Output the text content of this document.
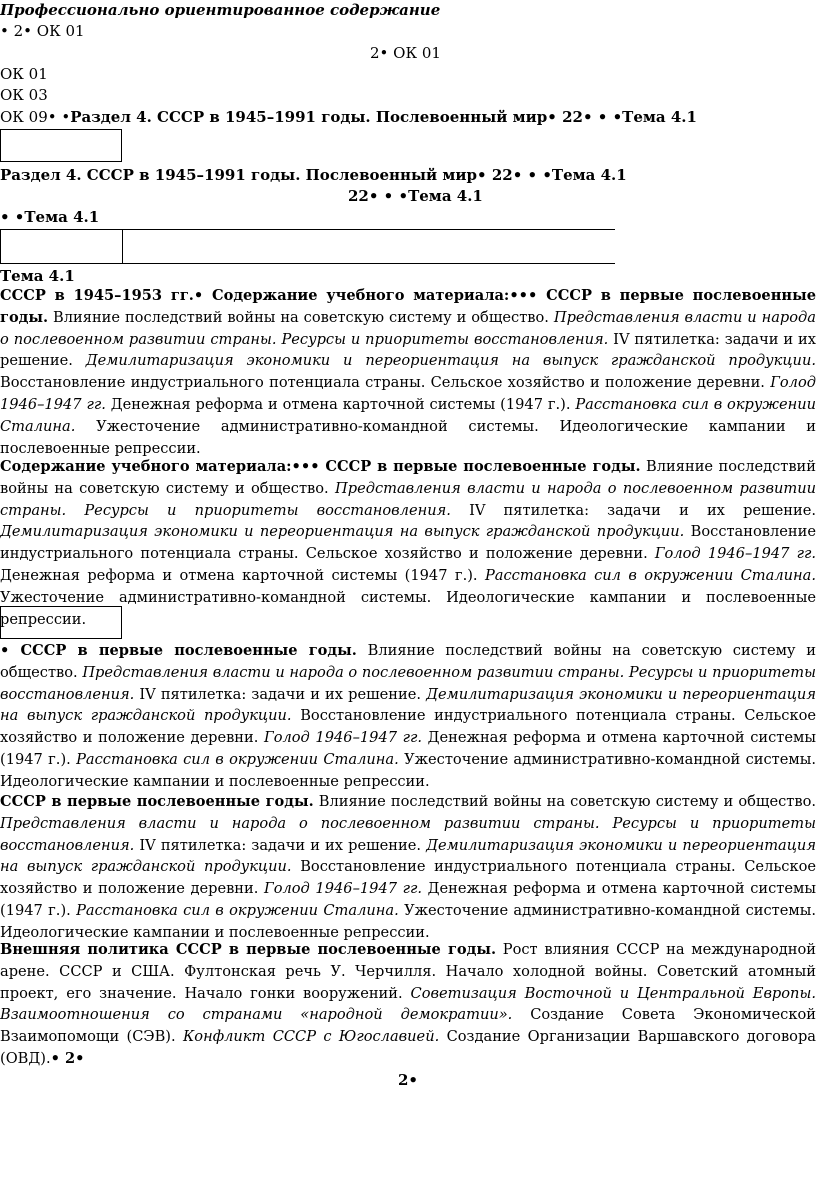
Профессионально ориентированное содержание
• 2• ОК 01
2• ОК 01
ОК 01
ОК 03
ОК 09• •Раздел 4. СССР в 1945–1991 годы. Послевоенный мир• 22• • •Тема 4.1
Раздел 4. СССР в 1945–1991 годы. Послевоенный мир• 22• • •Тема 4.1
22• • •Тема 4.1
• •Тема 4.1
Тема 4.1
СССР в 1945–1953 гг.• Содержание учебного материала:••• СССР в первые послевоенные годы. Влияние последствий войны на советскую систему и общество. Представления власти и народа о послевоенном развитии страны. Ресурсы и приоритеты восстановления. IV пятилетка: задачи и их решение. Демилитаризация экономики и переориентация на выпуск гражданской продукции. Восстановление индустриального потенциала страны. Сельское хозяйство и положение деревни. Голод 1946–1947 гг. Денежная реформа и отмена карточной системы (1947 г.). Расстановка сил в окружении Сталина. Ужесточение административно-командной системы. Идеологические кампании и послевоенные репрессии.
Содержание учебного материала:••• СССР в первые послевоенные годы. Влияние последствий войны на советскую систему и общество. Представления власти и народа о послевоенном развитии страны. Ресурсы и приоритеты восстановления. IV пятилетка: задачи и их решение. Демилитаризация экономики и переориентация на выпуск гражданской продукции. Восстановление индустриального потенциала страны. Сельское хозяйство и положение деревни. Голод 1946–1947 гг. Денежная реформа и отмена карточной системы (1947 г.). Расстановка сил в окружении Сталина. Ужесточение административно-командной системы. Идеологические кампании и послевоенные репрессии.
• СССР в первые послевоенные годы. Влияние последствий войны на советскую систему и общество. Представления власти и народа о послевоенном развитии страны. Ресурсы и приоритеты восстановления. IV пятилетка: задачи и их решение. Демилитаризация экономики и переориентация на выпуск гражданской продукции. Восстановление индустриального потенциала страны. Сельское хозяйство и положение деревни. Голод 1946–1947 гг. Денежная реформа и отмена карточной системы (1947 г.). Расстановка сил в окружении Сталина. Ужесточение административно-командной системы. Идеологические кампании и послевоенные репрессии.
СССР в первые послевоенные годы. Влияние последствий войны на советскую систему и общество. Представления власти и народа о послевоенном развитии страны. Ресурсы и приоритеты восстановления. IV пятилетка: задачи и их решение. Демилитаризация экономики и переориентация на выпуск гражданской продукции. Восстановление индустриального потенциала страны. Сельское хозяйство и положение деревни. Голод 1946–1947 гг. Денежная реформа и отмена карточной системы (1947 г.). Расстановка сил в окружении Сталина. Ужесточение административно-командной системы. Идеологические кампании и послевоенные репрессии.
Внешняя политика СССР в первые послевоенные годы. Рост влияния СССР на международной арене. СССР и США. Фултонская речь У. Черчилля. Начало холодной войны. Советский атомный проект, его значение. Начало гонки вооружений. Советизация Восточной и Центральной Европы. Взаимоотношения со странами «народной демократии». Создание Совета Экономической Взаимопомощи (СЭВ). Конфликт СССР с Югославией. Создание Организации Варшавского договора (ОВД).• 2•
2•
